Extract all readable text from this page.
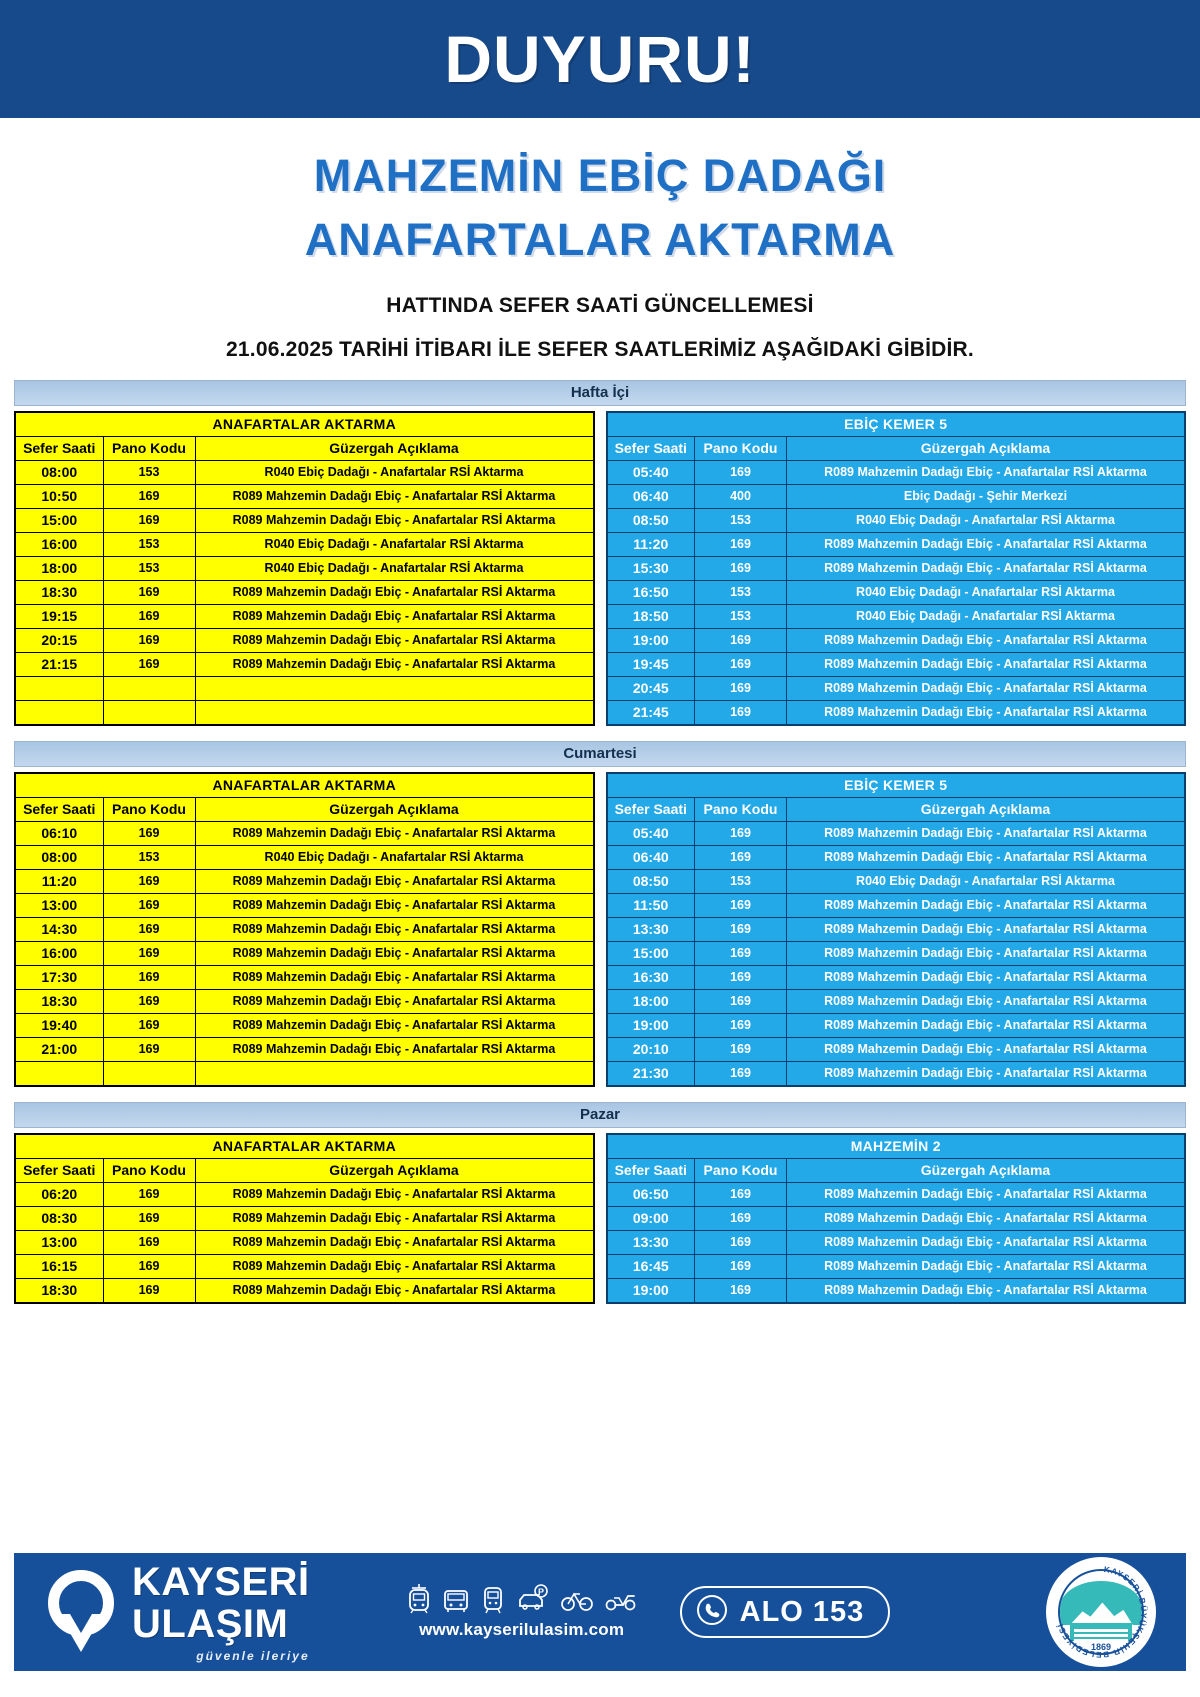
DUYURU!
MAHZEMİN EBİÇ DADAĞI
ANAFARTALAR AKTARMA
HATTINDA SEFER SAATİ GÜNCELLEMESİ
21.06.2025 TARİHİ İTİBARI İLE SEFER SAATLERİMİZ AŞAĞIDAKİ GİBİDİR.
Hafta İçi
ANAFARTALAR AKTARMA		
Sefer Saati	Pano Kodu	Güzergah Açıklama
08:00	153	R040 Ebiç Dadağı - Anafartalar RSİ Aktarma
10:50	169	R089 Mahzemin Dadağı Ebiç - Anafartalar RSİ Aktarma
15:00	169	R089 Mahzemin Dadağı Ebiç - Anafartalar RSİ Aktarma
16:00	153	R040 Ebiç Dadağı - Anafartalar RSİ Aktarma
18:00	153	R040 Ebiç Dadağı - Anafartalar RSİ Aktarma
18:30	169	R089 Mahzemin Dadağı Ebiç - Anafartalar RSİ Aktarma
19:15	169	R089 Mahzemin Dadağı Ebiç - Anafartalar RSİ Aktarma
20:15	169	R089 Mahzemin Dadağı Ebiç - Anafartalar RSİ Aktarma
21:15	169	R089 Mahzemin Dadağı Ebiç - Anafartalar RSİ Aktarma

EBİÇ KEMER 5		
Sefer Saati	Pano Kodu	Güzergah Açıklama
05:40	169	R089 Mahzemin Dadağı Ebiç - Anafartalar RSİ Aktarma
06:40	400	Ebiç Dadağı - Şehir Merkezi
08:50	153	R040 Ebiç Dadağı - Anafartalar RSİ Aktarma
11:20	169	R089 Mahzemin Dadağı Ebiç - Anafartalar RSİ Aktarma
15:30	169	R089 Mahzemin Dadağı Ebiç - Anafartalar RSİ Aktarma
16:50	153	R040 Ebiç Dadağı - Anafartalar RSİ Aktarma
18:50	153	R040 Ebiç Dadağı - Anafartalar RSİ Aktarma
19:00	169	R089 Mahzemin Dadağı Ebiç - Anafartalar RSİ Aktarma
19:45	169	R089 Mahzemin Dadağı Ebiç - Anafartalar RSİ Aktarma
20:45	169	R089 Mahzemin Dadağı Ebiç - Anafartalar RSİ Aktarma
21:45	169	R089 Mahzemin Dadağı Ebiç - Anafartalar RSİ Aktarma
Cumartesi
ANAFARTALAR AKTARMA		
Sefer Saati	Pano Kodu	Güzergah Açıklama
06:10	169	R089 Mahzemin Dadağı Ebiç - Anafartalar RSİ Aktarma
08:00	153	R040 Ebiç Dadağı - Anafartalar RSİ Aktarma
11:20	169	R089 Mahzemin Dadağı Ebiç - Anafartalar RSİ Aktarma
13:00	169	R089 Mahzemin Dadağı Ebiç - Anafartalar RSİ Aktarma
14:30	169	R089 Mahzemin Dadağı Ebiç - Anafartalar RSİ Aktarma
16:00	169	R089 Mahzemin Dadağı Ebiç - Anafartalar RSİ Aktarma
17:30	169	R089 Mahzemin Dadağı Ebiç - Anafartalar RSİ Aktarma
18:30	169	R089 Mahzemin Dadağı Ebiç - Anafartalar RSİ Aktarma
19:40	169	R089 Mahzemin Dadağı Ebiç - Anafartalar RSİ Aktarma
21:00	169	R089 Mahzemin Dadağı Ebiç - Anafartalar RSİ Aktarma

EBİÇ KEMER 5		
Sefer Saati	Pano Kodu	Güzergah Açıklama
05:40	169	R089 Mahzemin Dadağı Ebiç - Anafartalar RSİ Aktarma
06:40	169	R089 Mahzemin Dadağı Ebiç - Anafartalar RSİ Aktarma
08:50	153	R040 Ebiç Dadağı - Anafartalar RSİ Aktarma
11:50	169	R089 Mahzemin Dadağı Ebiç - Anafartalar RSİ Aktarma
13:30	169	R089 Mahzemin Dadağı Ebiç - Anafartalar RSİ Aktarma
15:00	169	R089 Mahzemin Dadağı Ebiç - Anafartalar RSİ Aktarma
16:30	169	R089 Mahzemin Dadağı Ebiç - Anafartalar RSİ Aktarma
18:00	169	R089 Mahzemin Dadağı Ebiç - Anafartalar RSİ Aktarma
19:00	169	R089 Mahzemin Dadağı Ebiç - Anafartalar RSİ Aktarma
20:10	169	R089 Mahzemin Dadağı Ebiç - Anafartalar RSİ Aktarma
21:30	169	R089 Mahzemin Dadağı Ebiç - Anafartalar RSİ Aktarma
Pazar
ANAFARTALAR AKTARMA		
Sefer Saati	Pano Kodu	Güzergah Açıklama
06:20	169	R089 Mahzemin Dadağı Ebiç - Anafartalar RSİ Aktarma
08:30	169	R089 Mahzemin Dadağı Ebiç - Anafartalar RSİ Aktarma
13:00	169	R089 Mahzemin Dadağı Ebiç - Anafartalar RSİ Aktarma
16:15	169	R089 Mahzemin Dadağı Ebiç - Anafartalar RSİ Aktarma
18:30	169	R089 Mahzemin Dadağı Ebiç - Anafartalar RSİ Aktarma
MAHZEMİN 2		
Sefer Saati	Pano Kodu	Güzergah Açıklama
06:50	169	R089 Mahzemin Dadağı Ebiç - Anafartalar RSİ Aktarma
09:00	169	R089 Mahzemin Dadağı Ebiç - Anafartalar RSİ Aktarma
13:30	169	R089 Mahzemin Dadağı Ebiç - Anafartalar RSİ Aktarma
16:45	169	R089 Mahzemin Dadağı Ebiç - Anafartalar RSİ Aktarma
19:00	169	R089 Mahzemin Dadağı Ebiç - Anafartalar RSİ Aktarma
KAYSERİ
ULAŞIM
güvenle ileriye
P
www.kayserilulasim.com
ALO 153
1869
KAYSERİ BÜYÜKŞEHİR BELEDİYESİ
